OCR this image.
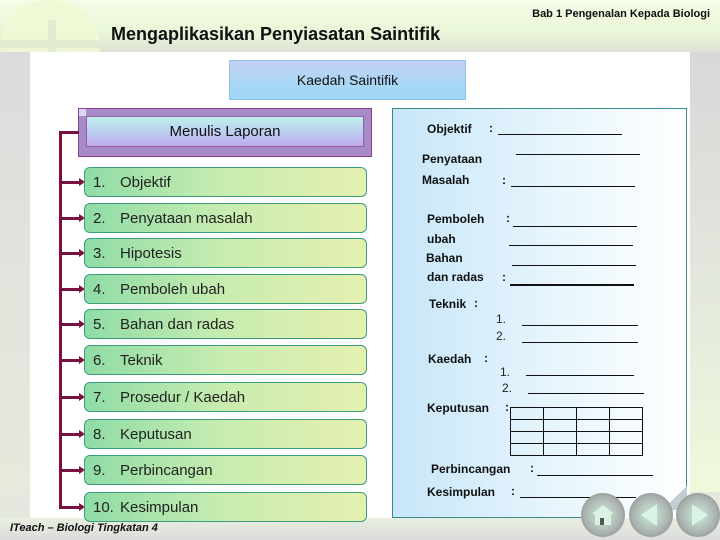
Bab 1 Pengenalan Kepada Biologi
Mengaplikasikan Penyiasatan Saintifik
Kaedah Saintifik
Menulis Laporan
1. Objektif
2. Penyataan masalah
3. Hipotesis
4. Pemboleh ubah
5. Bahan dan radas
6. Teknik
7. Prosedur / Kaedah
8. Keputusan
9. Perbincangan
10. Kesimpulan
Objektif :
Penyataan
Masalah	:
Pemboleh :
ubah
Bahan
dan radas :
Teknik :
1.
2.
Kaedah :
1.
2.
Keputusan :

Perbincangan :
Kesimpulan :
ITeach – Biologi Tingkatan 4
